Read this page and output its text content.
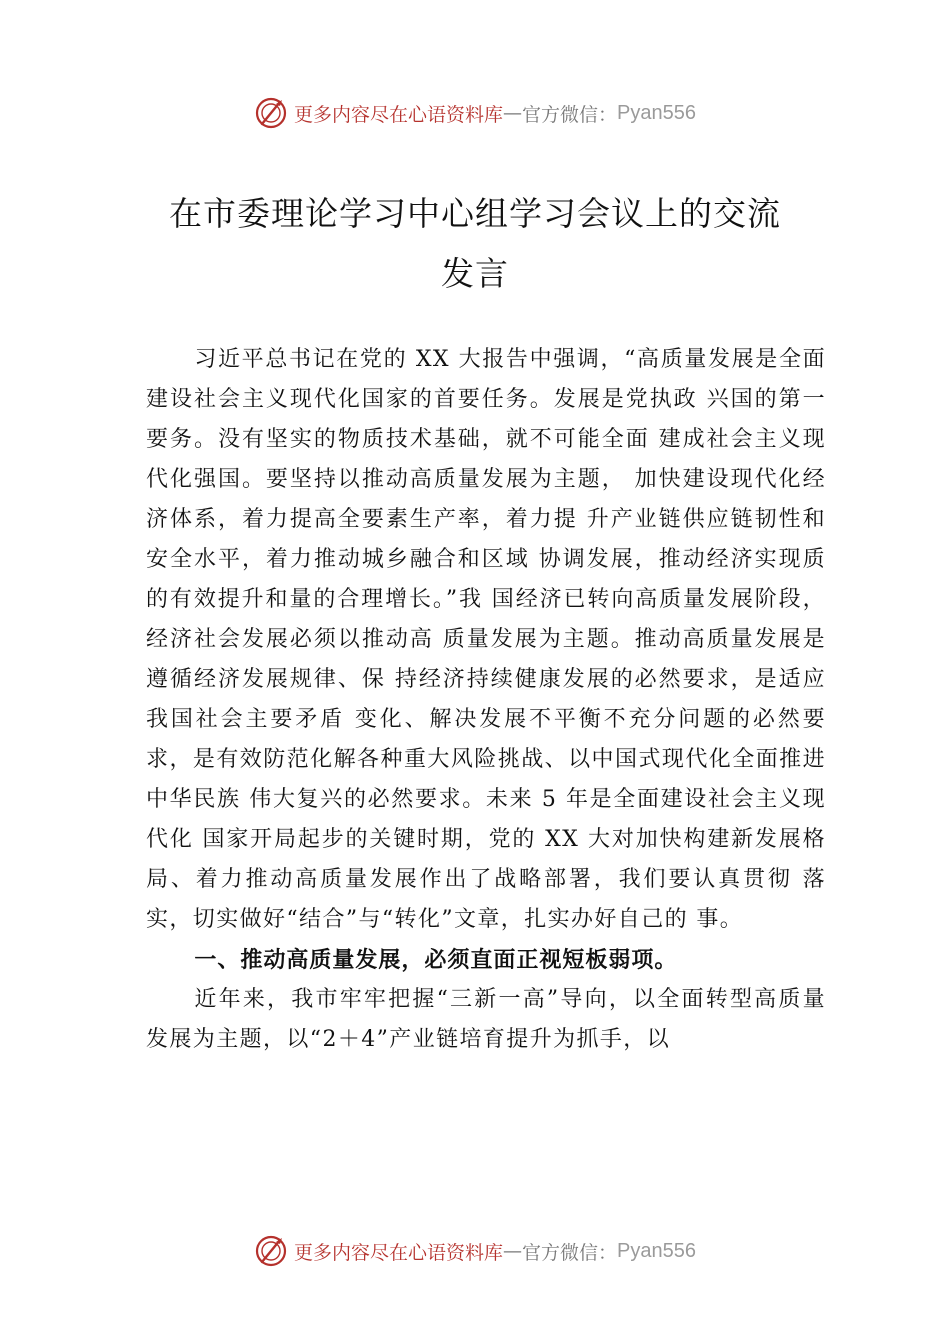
更多内容尽在心语资料库 — 官方微信： Pyan556
在市委理论学习中心组学习会议上的交流
发言

习近平总书记在党的 XX 大报告中强调，“高质量发展是全面建设社会主义现代化国家的首要任务。发展是党执政 兴国的第一要务。没有坚实的物质技术基础，就不可能全面 建成社会主义现代化强国。要坚持以推动高质量发展为主题， 加快建设现代化经济体系，着力提高全要素生产率，着力提 升产业链供应链韧性和安全水平，着力推动城乡融合和区域 协调发展，推动经济实现质的有效提升和量的合理增长。”我 国经济已转向高质量发展阶段，经济社会发展必须以推动高 质量发展为主题。推动高质量发展是遵循经济发展规律、保 持经济持续健康发展的必然要求，是适应我国社会主要矛盾 变化、解决发展不平衡不充分问题的必然要求，是有效防范化解各种重大风险挑战、以中国式现代化全面推进中华民族 伟大复兴的必然要求。未来 5 年是全面建设社会主义现代化 国家开局起步的关键时期，党的 XX 大对加快构建新发展格局、着力推动高质量发展作出了战略部署，我们要认真贯彻 落实，切实做好“结合”与“转化”文章，扎实办好自己的 事。

一、推动高质量发展，必须直面正视短板弱项。

近年来，我市牢牢把握“三新一高”导向，以全面转型高质量发展为主题，以“2＋4”产业链培育提升为抓手，以

更多内容尽在心语资料库 — 官方微信： Pyan556
